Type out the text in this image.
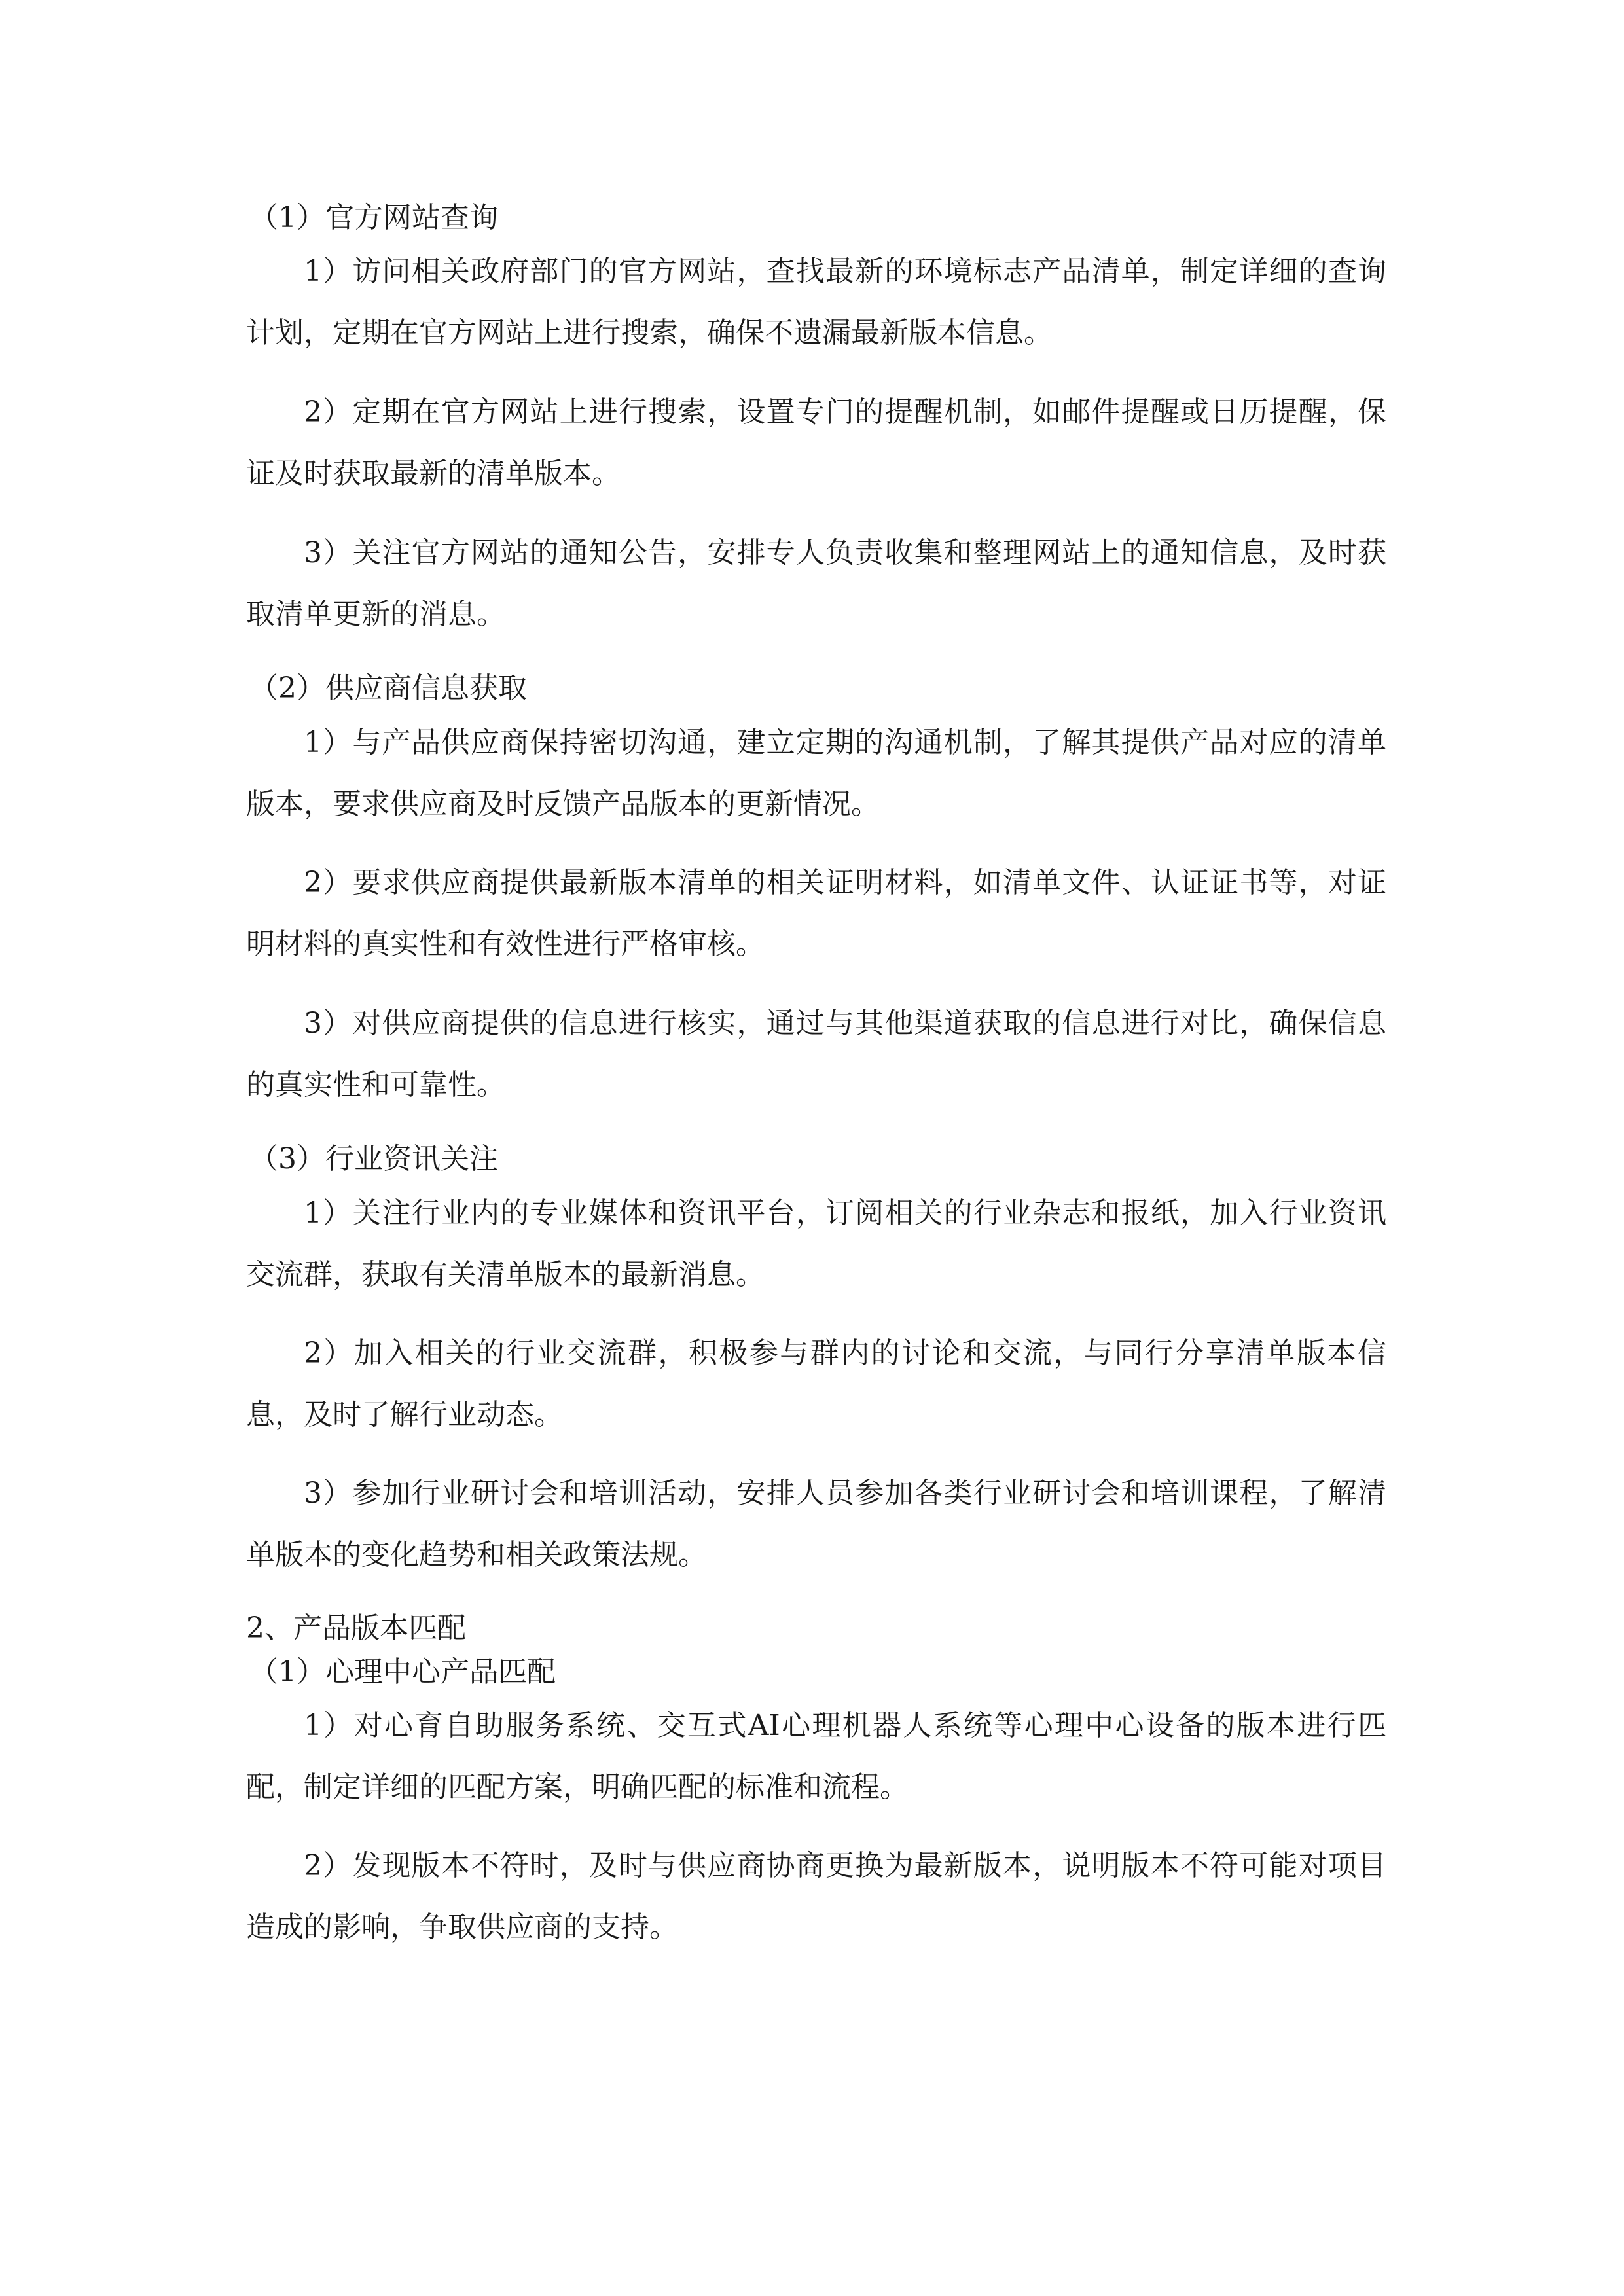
（1）官方网站查询

1）访问相关政府部门的官方网站，查找最新的环境标志产品清单，制定详细的查询计划，定期在官方网站上进行搜索，确保不遗漏最新版本信息。

2）定期在官方网站上进行搜索，设置专门的提醒机制，如邮件提醒或日历提醒，保证及时获取最新的清单版本。

3）关注官方网站的通知公告，安排专人负责收集和整理网站上的通知信息，及时获取清单更新的消息。

（2）供应商信息获取

1）与产品供应商保持密切沟通，建立定期的沟通机制，了解其提供产品对应的清单版本，要求供应商及时反馈产品版本的更新情况。

2）要求供应商提供最新版本清单的相关证明材料，如清单文件、认证证书等，对证明材料的真实性和有效性进行严格审核。

3）对供应商提供的信息进行核实，通过与其他渠道获取的信息进行对比，确保信息的真实性和可靠性。

（3）行业资讯关注

1）关注行业内的专业媒体和资讯平台，订阅相关的行业杂志和报纸，加入行业资讯交流群，获取有关清单版本的最新消息。

2）加入相关的行业交流群，积极参与群内的讨论和交流，与同行分享清单版本信息，及时了解行业动态。

3）参加行业研讨会和培训活动，安排人员参加各类行业研讨会和培训课程，了解清单版本的变化趋势和相关政策法规。

2、产品版本匹配
（1）心理中心产品匹配

1）对心育自助服务系统、交互式AI心理机器人系统等心理中心设备的版本进行匹配，制定详细的匹配方案，明确匹配的标准和流程。

2）发现版本不符时，及时与供应商协商更换为最新版本，说明版本不符可能对项目造成的影响，争取供应商的支持。
